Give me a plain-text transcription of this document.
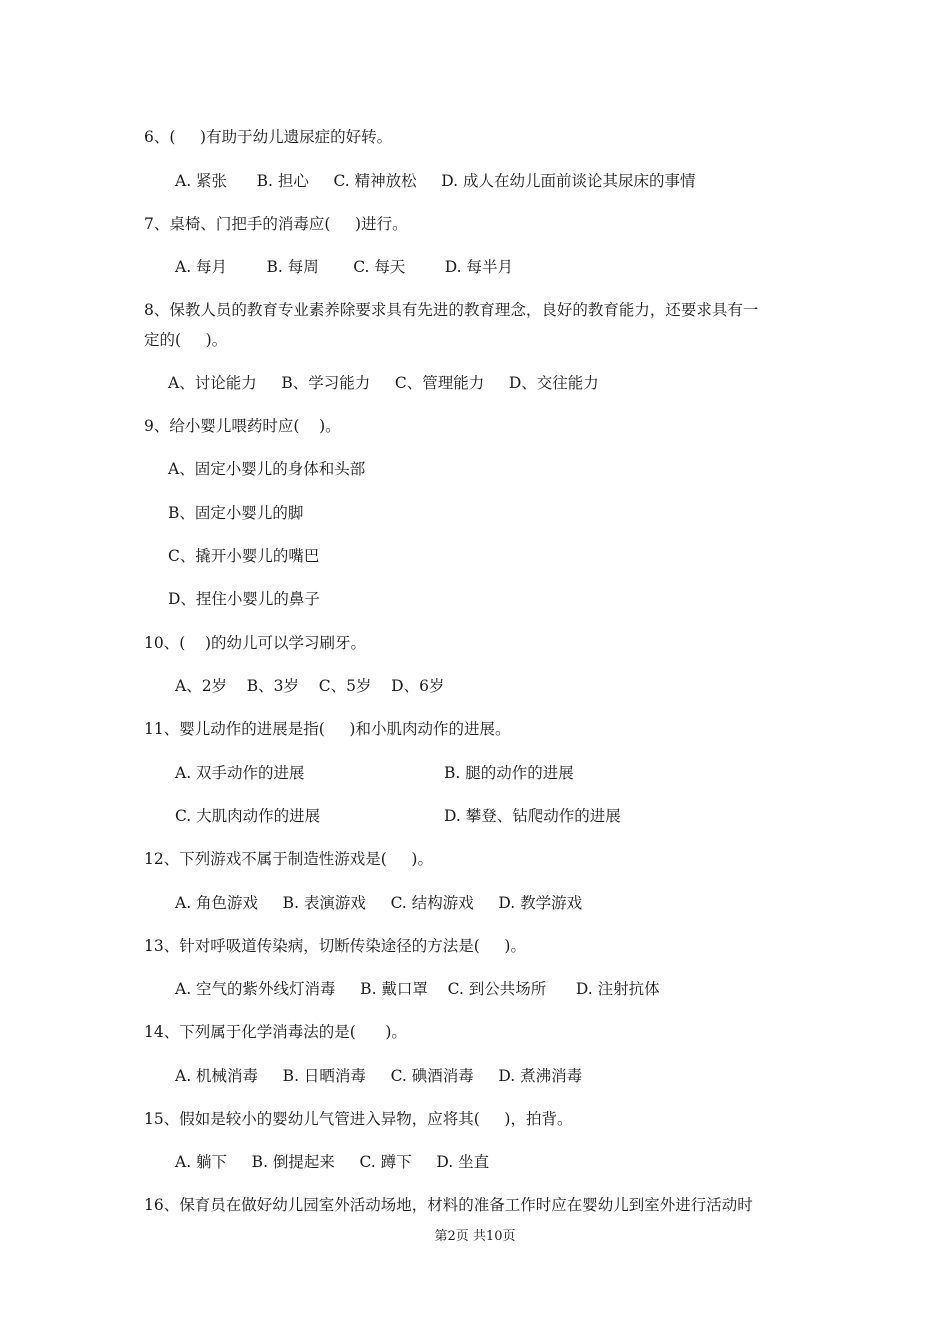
6、(     )有助于幼儿遗尿症的好转。
A. 紧张      B. 担心     C. 精神放松     D. 成人在幼儿面前谈论其尿床的事情
7、桌椅、门把手的消毒应(     )进行。
A. 每月        B. 每周       C. 每天        D. 每半月
8、保教人员的教育专业素养除要求具有先进的教育理念，良好的教育能力，还要求具有一
定的(     )。
A、讨论能力     B、学习能力     C、管理能力     D、交往能力
9、给小婴儿喂药时应(    )。
A、固定小婴儿的身体和头部
B、固定小婴儿的脚
C、撬开小婴儿的嘴巴
D、捏住小婴儿的鼻子
10、(    )的幼儿可以学习刷牙。
A、2岁    B、3岁    C、5岁    D、6岁
11、婴儿动作的进展是指(     )和小肌肉动作的进展。
A. 双手动作的进展	B. 腿的动作的进展
C. 大肌肉动作的进展	D. 攀登、钻爬动作的进展
12、下列游戏不属于制造性游戏是(     )。
A. 角色游戏     B. 表演游戏     C. 结构游戏     D. 教学游戏
13、针对呼吸道传染病，切断传染途径的方法是(     )。
A. 空气的紫外线灯消毒     B. 戴口罩    C. 到公共场所      D. 注射抗体
14、下列属于化学消毒法的是(      )。
A. 机械消毒     B. 日晒消毒     C. 碘酒消毒     D. 煮沸消毒
15、假如是较小的婴幼儿气管进入异物，应将其(     )，拍背。
A. 躺下     B. 倒提起来     C. 蹲下     D. 坐直
16、保育员在做好幼儿园室外活动场地，材料的准备工作时应在婴幼儿到室外进行活动时
第2页 共10页
